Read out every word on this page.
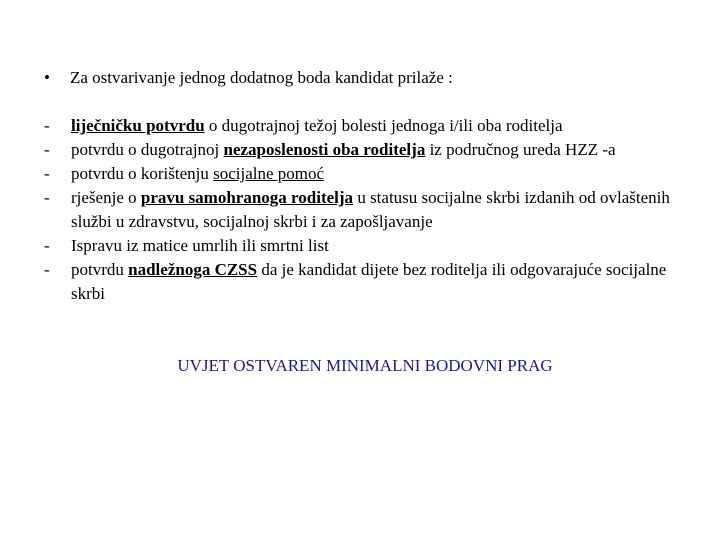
• Za ostvarivanje jednog dodatnog boda kandidat prilaže :
- liječničku potvrdu o dugotrajnoj težoj bolesti jednoga i/ili oba roditelja
- potvrdu o dugotrajnoj nezaposlenosti oba roditelja iz područnog ureda HZZ -a
- potvrdu o korištenju socijalne pomoć
- rješenje o pravu samohranoga roditelja u statusu socijalne skrbi izdanih od ovlaštenih službi u zdravstvu, socijalnoj skrbi i za zapošljavanje
- Ispravu iz matice umrlih ili smrtni list
- potvrdu nadležnoga CZSS da je kandidat dijete bez roditelja ili odgovarajuće socijalne skrbi
UVJET OSTVAREN MINIMALNI BODOVNI PRAG
